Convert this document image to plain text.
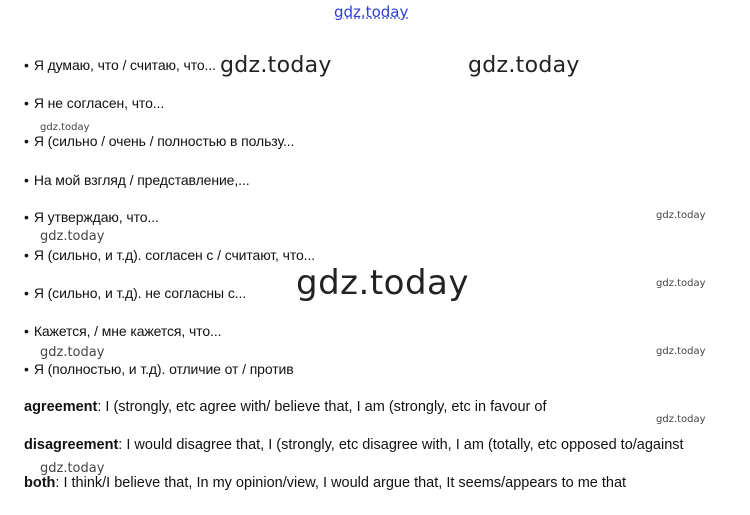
gdz.today
• Я думаю, что / считаю, что...
• Я не согласен, что...
• Я (сильно / очень / полностью в пользу...
• На мой взгляд / представление,...
• Я утверждаю, что...
• Я (сильно, и т.д). согласен с / считают, что...
• Я (сильно, и т.д). не согласны с...
• Кажется, / мне кажется, что...
• Я (полностью, и т.д). отличие от / против
agreement: I (strongly, etc agree with/ believe that, I am (strongly, etc in favour of
disagreement: I would disagree that, I (strongly, etc disagree with, I am (totally, etc opposed to/against
both: I think/I believe that, In my opinion/view, I would argue that, It seems/appears to me that
gdz.today	gdz.today
gdz.today
gdz.today
gdz.today
gdz.today	gdz.today
gdz.today	gdz.today
gdz.today
gdz.today
